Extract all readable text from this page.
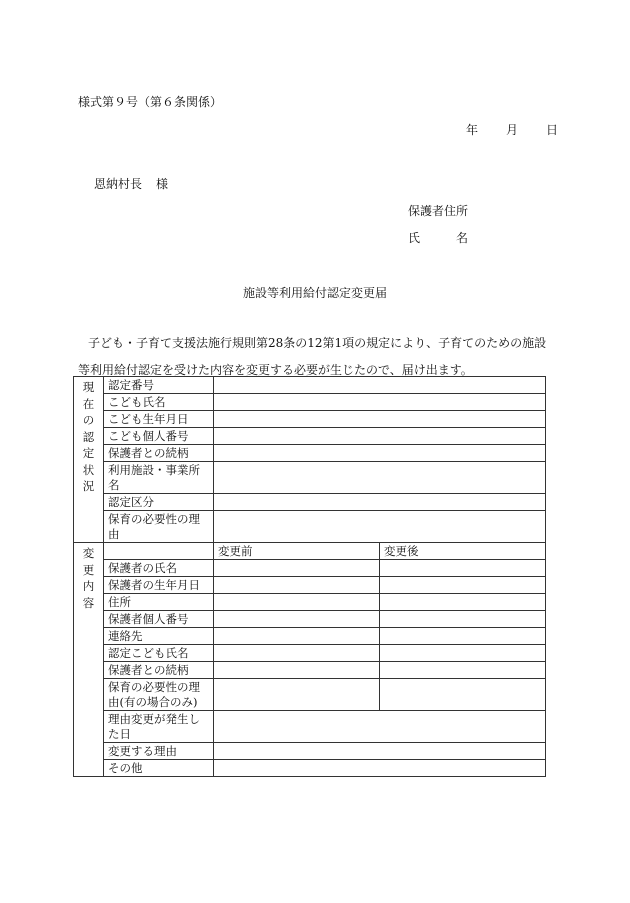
様式第９号（第６条関係）
年 月 日
恩納村長 様
保護者住所
氏	名
施設等利用給付認定変更届
子ども・子育て支援法施行規則第28条の12第1項の規定により、子育てのための施設
等利用給付認定を受けた内容を変更する必要が生じたので、届け出ます。
現在の認定状況	認定番号		
	こども氏名		
	こども生年月日		
	こども個人番号		
	保護者との続柄		
	利用施設・事業所名		
	認定区分		
	保育の必要性の理由		
変更内容		変更前	変更後
	保護者の氏名		
	保護者の生年月日		
	住所		
	保護者個人番号		
	連絡先		
	認定こども氏名		
	保護者との続柄		
	保育の必要性の理由(有の場合のみ)		
	理由変更が発生した日		
	変更する理由		
	その他		
